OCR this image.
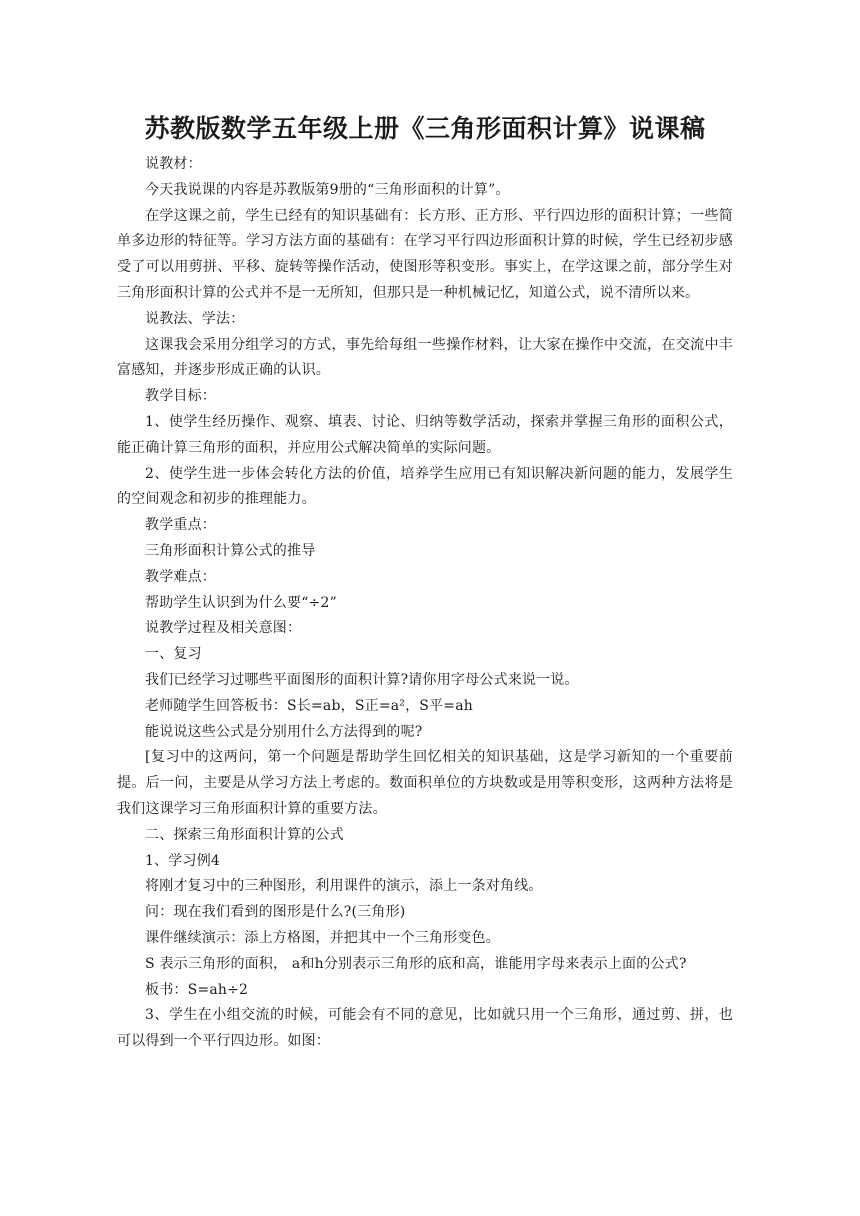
苏教版数学五年级上册《三角形面积计算》说课稿

说教材：

今天我说课的内容是苏教版第9册的“三角形面积的计算”。

在学这课之前，学生已经有的知识基础有：长方形、正方形、平行四边形的面积计算；一些简单多边形的特征等。学习方法方面的基础有：在学习平行四边形面积计算的时候，学生已经初步感受了可以用剪拼、平移、旋转等操作活动，使图形等积变形。事实上，在学这课之前，部分学生对三角形面积计算的公式并不是一无所知，但那只是一种机械记忆，知道公式，说不清所以来。

说教法、学法：

这课我会采用分组学习的方式，事先给每组一些操作材料，让大家在操作中交流，在交流中丰富感知，并逐步形成正确的认识。

教学目标：

1、使学生经历操作、观察、填表、讨论、归纳等数学活动，探索并掌握三角形的面积公式，能正确计算三角形的面积，并应用公式解决简单的实际问题。

2、使学生进一步体会转化方法的价值，培养学生应用已有知识解决新问题的能力，发展学生的空间观念和初步的推理能力。

教学重点：

三角形面积计算公式的推导

教学难点：

帮助学生认识到为什么要“÷2”

说教学过程及相关意图：

一、复习

我们已经学习过哪些平面图形的面积计算?请你用字母公式来说一说。

老师随学生回答板书：S长=ab，S正=a²，S平=ah

能说说这些公式是分别用什么方法得到的呢?

[复习中的这两问，第一个问题是帮助学生回忆相关的知识基础，这是学习新知的一个重要前提。后一问，主要是从学习方法上考虑的。数面积单位的方块数或是用等积变形，这两种方法将是我们这课学习三角形面积计算的重要方法。

二、探索三角形面积计算的公式

1、学习例4

将刚才复习中的三种图形，利用课件的演示，添上一条对角线。

问：现在我们看到的图形是什么?(三角形)

课件继续演示：添上方格图，并把其中一个三角形变色。

S 表示三角形的面积， a和h分别表示三角形的底和高，谁能用字母来表示上面的公式?

板书：S=ah÷2

3、学生在小组交流的时候，可能会有不同的意见，比如就只用一个三角形，通过剪、拼，也可以得到一个平行四边形。如图：
